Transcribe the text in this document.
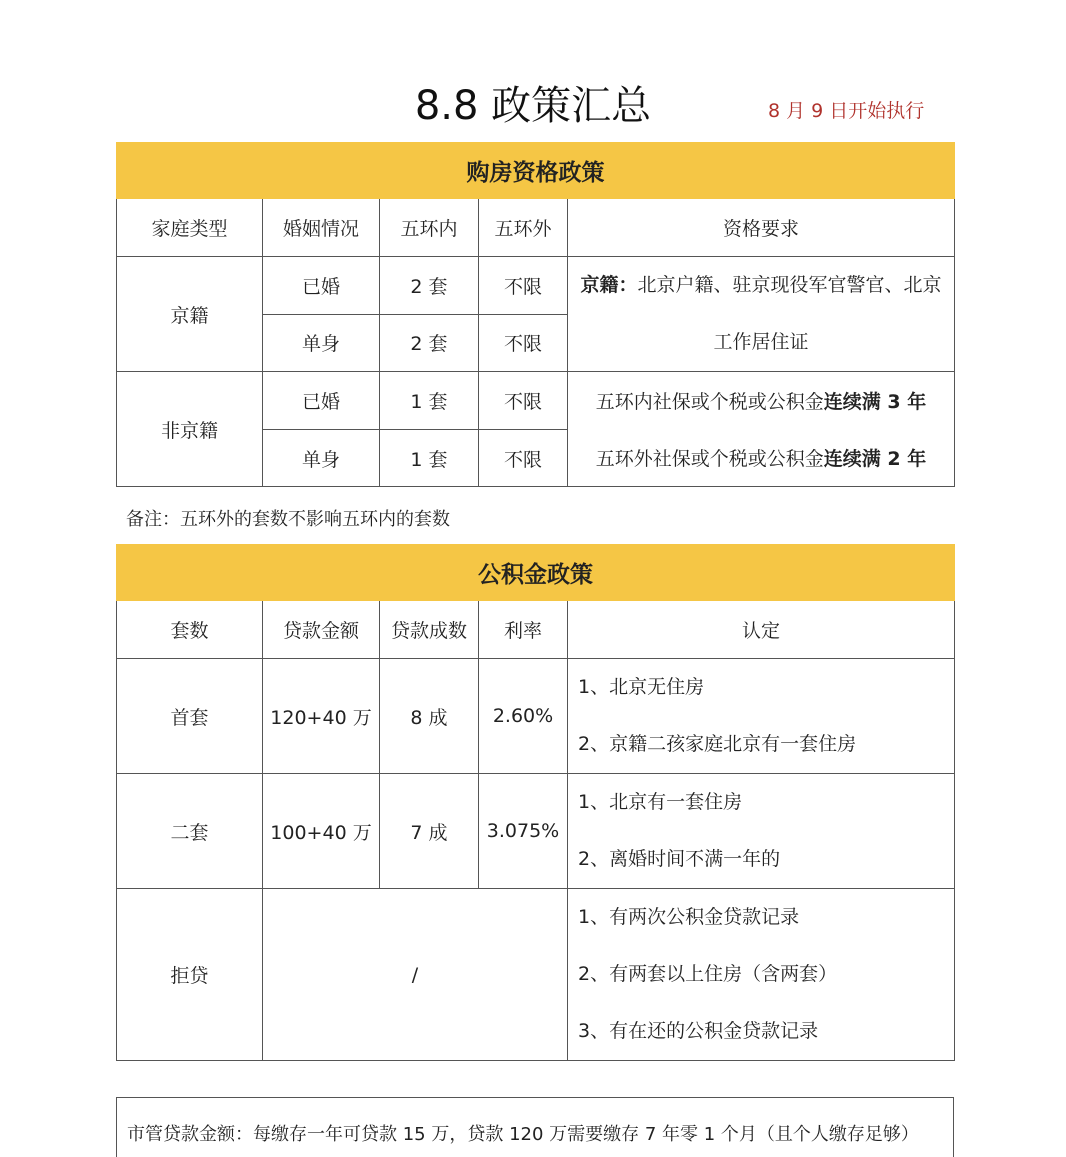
8.8 政策汇总	8 月 9 日开始执行
购房资格政策				
家庭类型	婚姻情况	五环内	五环外	资格要求
京籍	已婚	2 套	不限	京籍：北京户籍、驻京现役军官警官、北京
工作居住证

	单身	2 套	不限	
非京籍	已婚	1 套	不限	五环内社保或个税或公积金连续满 3 年
	单身	1 套	不限	五环外社保或个税或公积金连续满 2 年
备注：五环外的套数不影响五环内的套数
公积金政策				
套数	贷款金额	贷款成数	利率	认定
首套	120+40 万	8 成	2.60%	1、北京无住房
2、京籍二孩家庭北京有一套住房

二套	100+40 万	7 成	3.075%	1、北京有一套住房
2、离婚时间不满一年的

拒贷	/			1、有两次公积金贷款记录
2、有两套以上住房（含两套）
3、有在还的公积金贷款记录
市管贷款金额：每缴存一年可贷款 15 万，贷款 120 万需要缴存 7 年零 1 个月（且个人缴存足够）
